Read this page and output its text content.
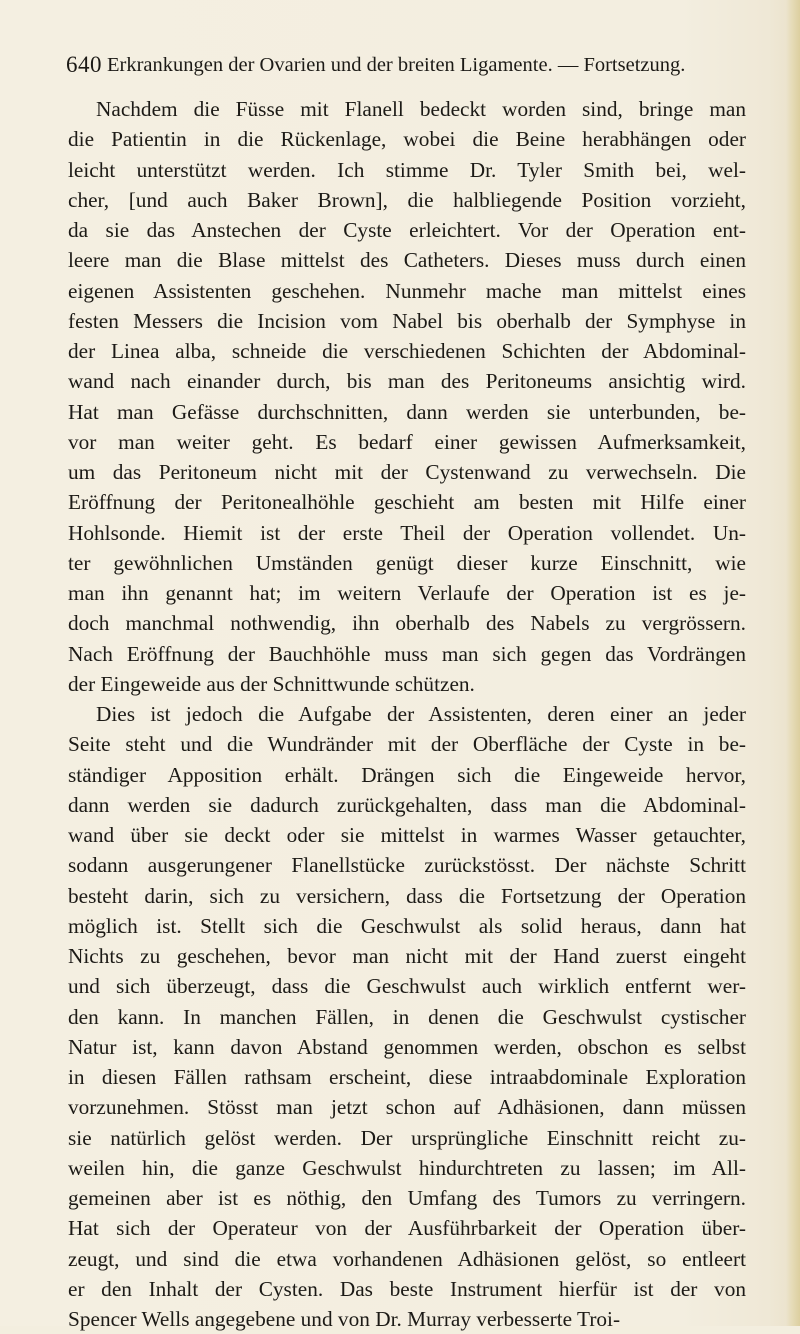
640 Erkrankungen der Ovarien und der breiten Ligamente. — Fortsetzung.
Nachdem die Füsse mit Flanell bedeckt worden sind, bringe man
die Patientin in die Rückenlage, wobei die Beine herabhängen oder
leicht unterstützt werden. Ich stimme Dr. Tyler Smith bei, wel-
cher, [und auch Baker Brown], die halbliegende Position vorzieht,
da sie das Anstechen der Cyste erleichtert. Vor der Operation ent-
leere man die Blase mittelst des Catheters. Dieses muss durch einen
eigenen Assistenten geschehen. Nunmehr mache man mittelst eines
festen Messers die Incision vom Nabel bis oberhalb der Symphyse in
der Linea alba, schneide die verschiedenen Schichten der Abdominal-
wand nach einander durch, bis man des Peritoneums ansichtig wird.
Hat man Gefässe durchschnitten, dann werden sie unterbunden, be-
vor man weiter geht. Es bedarf einer gewissen Aufmerksamkeit,
um das Peritoneum nicht mit der Cystenwand zu verwechseln. Die
Eröffnung der Peritonealhöhle geschieht am besten mit Hilfe einer
Hohlsonde. Hiemit ist der erste Theil der Operation vollendet. Un-
ter gewöhnlichen Umständen genügt dieser kurze Einschnitt, wie
man ihn genannt hat; im weitern Verlaufe der Operation ist es je-
doch manchmal nothwendig, ihn oberhalb des Nabels zu vergrössern.
Nach Eröffnung der Bauchhöhle muss man sich gegen das Vordrängen
der Eingeweide aus der Schnittwunde schützen.
Dies ist jedoch die Aufgabe der Assistenten, deren einer an jeder
Seite steht und die Wundränder mit der Oberfläche der Cyste in be-
ständiger Apposition erhält. Drängen sich die Eingeweide hervor,
dann werden sie dadurch zurückgehalten, dass man die Abdominal-
wand über sie deckt oder sie mittelst in warmes Wasser getauchter,
sodann ausgerungener Flanellstücke zurückstösst. Der nächste Schritt
besteht darin, sich zu versichern, dass die Fortsetzung der Operation
möglich ist. Stellt sich die Geschwulst als solid heraus, dann hat
Nichts zu geschehen, bevor man nicht mit der Hand zuerst eingeht
und sich überzeugt, dass die Geschwulst auch wirklich entfernt wer-
den kann. In manchen Fällen, in denen die Geschwulst cystischer
Natur ist, kann davon Abstand genommen werden, obschon es selbst
in diesen Fällen rathsam erscheint, diese intraabdominale Exploration
vorzunehmen. Stösst man jetzt schon auf Adhäsionen, dann müssen
sie natürlich gelöst werden. Der ursprüngliche Einschnitt reicht zu-
weilen hin, die ganze Geschwulst hindurchtreten zu lassen; im All-
gemeinen aber ist es nöthig, den Umfang des Tumors zu verringern.
Hat sich der Operateur von der Ausführbarkeit der Operation über-
zeugt, und sind die etwa vorhandenen Adhäsionen gelöst, so entleert
er den Inhalt der Cysten. Das beste Instrument hierfür ist der von
Spencer Wells angegebene und von Dr. Murray verbesserte Troi-
